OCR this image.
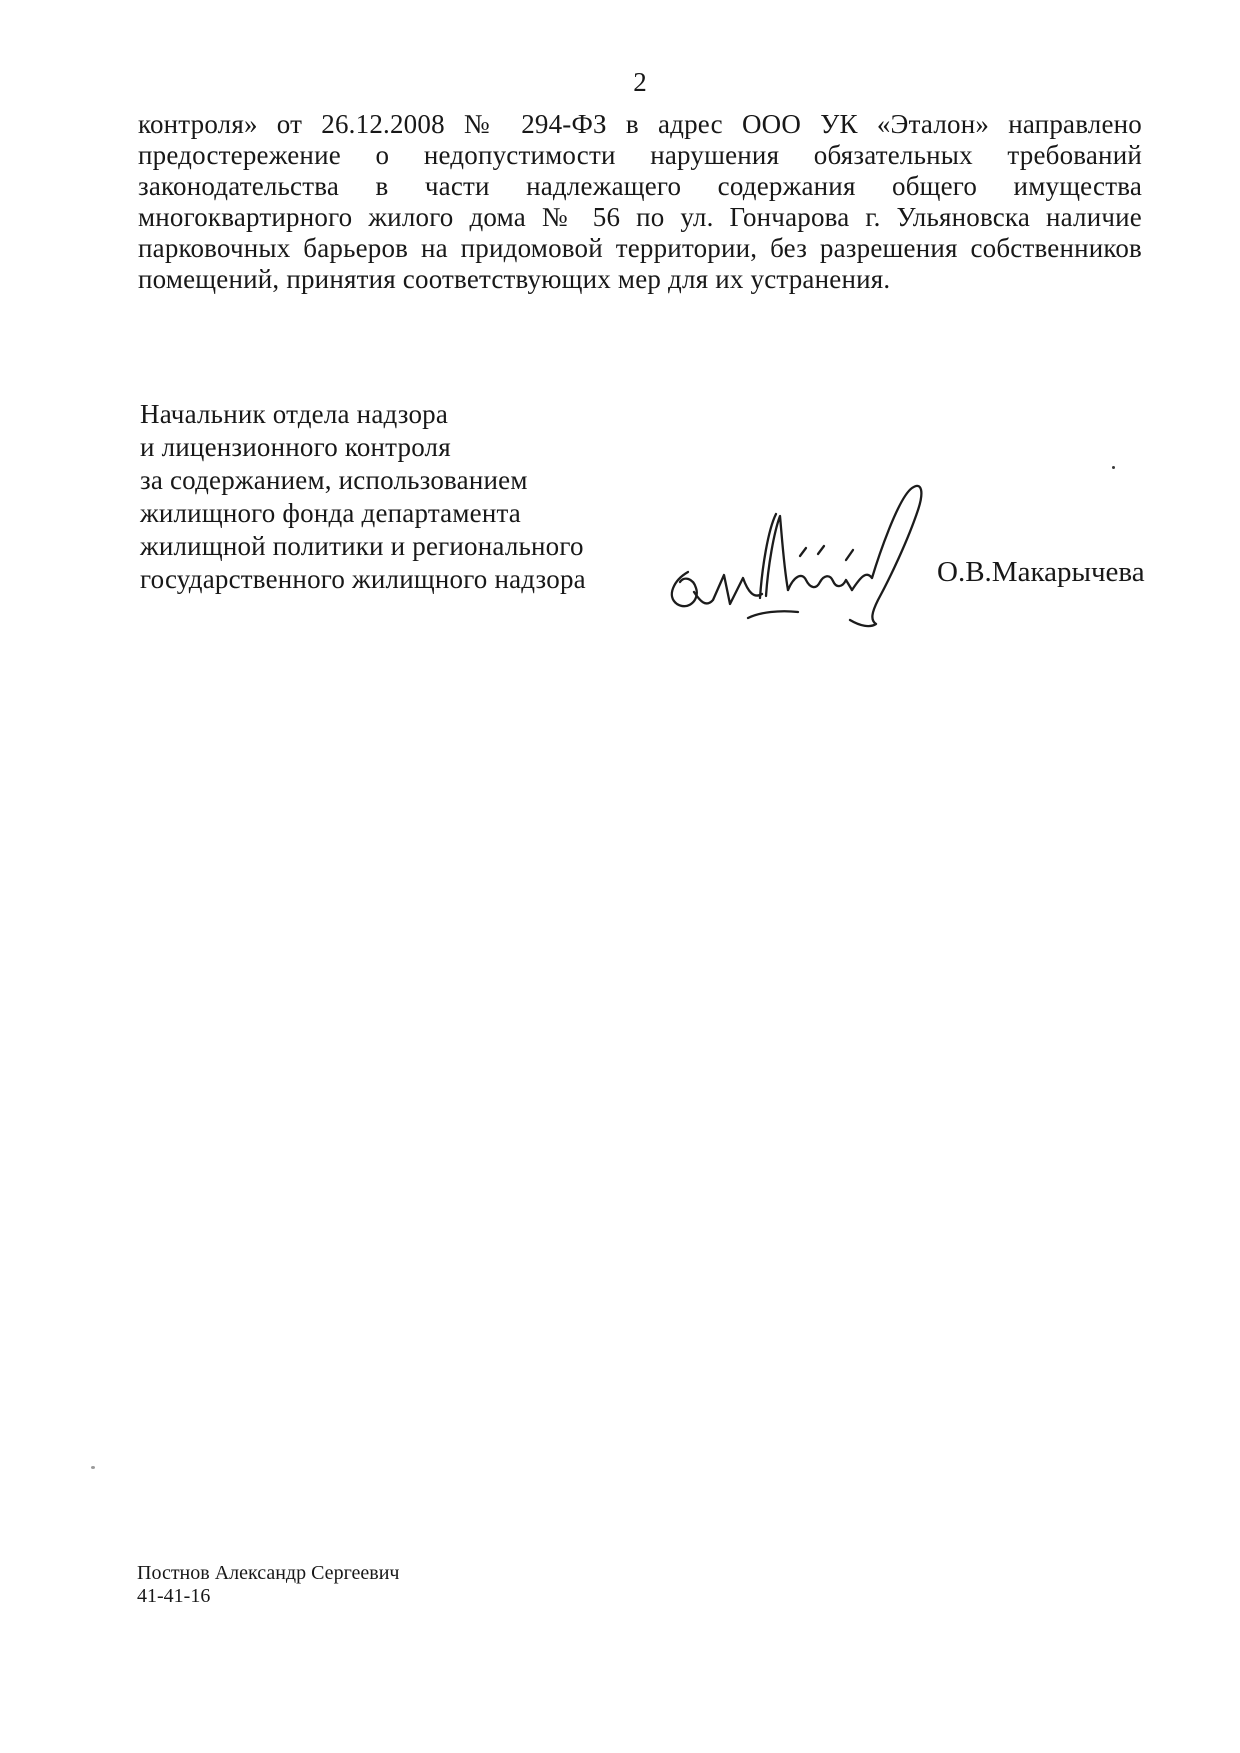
2
контроля» от 26.12.2008 № 294-ФЗ в адрес ООО УК «Эталон» направлено
предостережение о недопустимости нарушения обязательных требований
законодательства в части надлежащего содержания общего имущества
многоквартирного жилого дома № 56 по ул. Гончарова г. Ульяновска наличие
парковочных барьеров на придомовой территории, без разрешения собственников
помещений, принятия соответствующих мер для их устранения.
Начальник отдела надзора
и лицензионного контроля
за содержанием, использованием
жилищного фонда департамента
жилищной политики и регионального
государственного жилищного надзора	О.В.Макарычева
Постнов Александр Сергеевич
41-41-16
